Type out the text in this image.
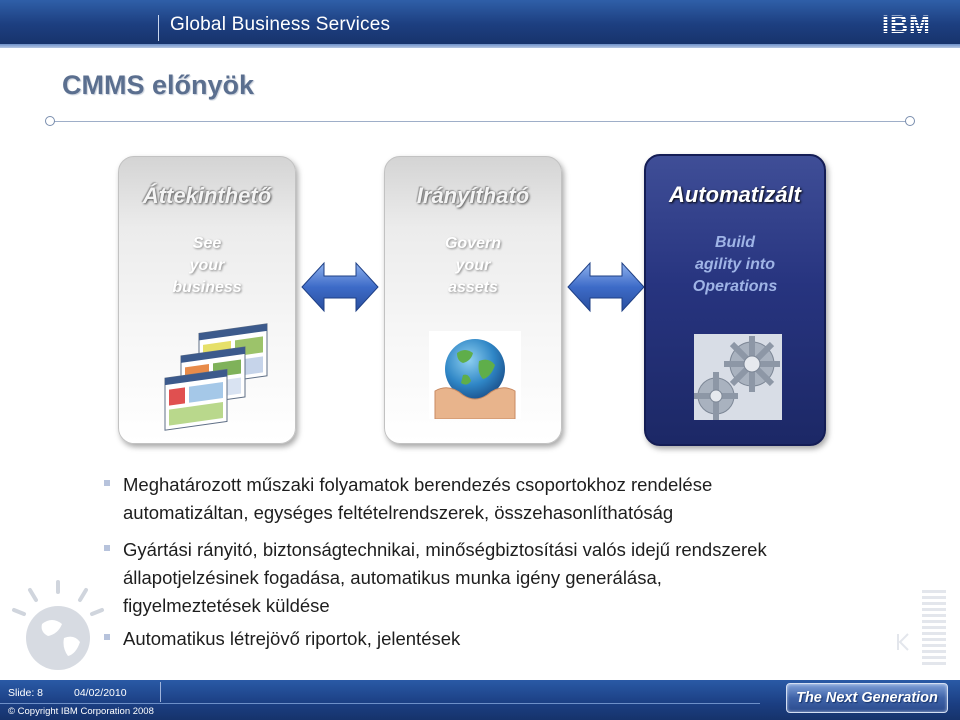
Global Business Services	IBM
CMMS előnyök
Áttekinthető
See
your
business
Irányítható
Govern
your
assets
Automatizált
Build
agility into
Operations
Meghatározott műszaki folyamatok berendezés csoportokhoz rendelése
automatizáltan, egységes feltételrendszerek, összehasonlíthatóság
Gyártási rányitó, biztonságtechnikai, minőségbiztosítási valós idejű rendszerek
állapotjelzésinek fogadása, automatikus munka igény generálása,
figyelmeztetések küldése
Automatikus létrejövő riportok, jelentések
Slide: 8	04/02/2010
© Copyright IBM Corporation 2008
The Next Generation
